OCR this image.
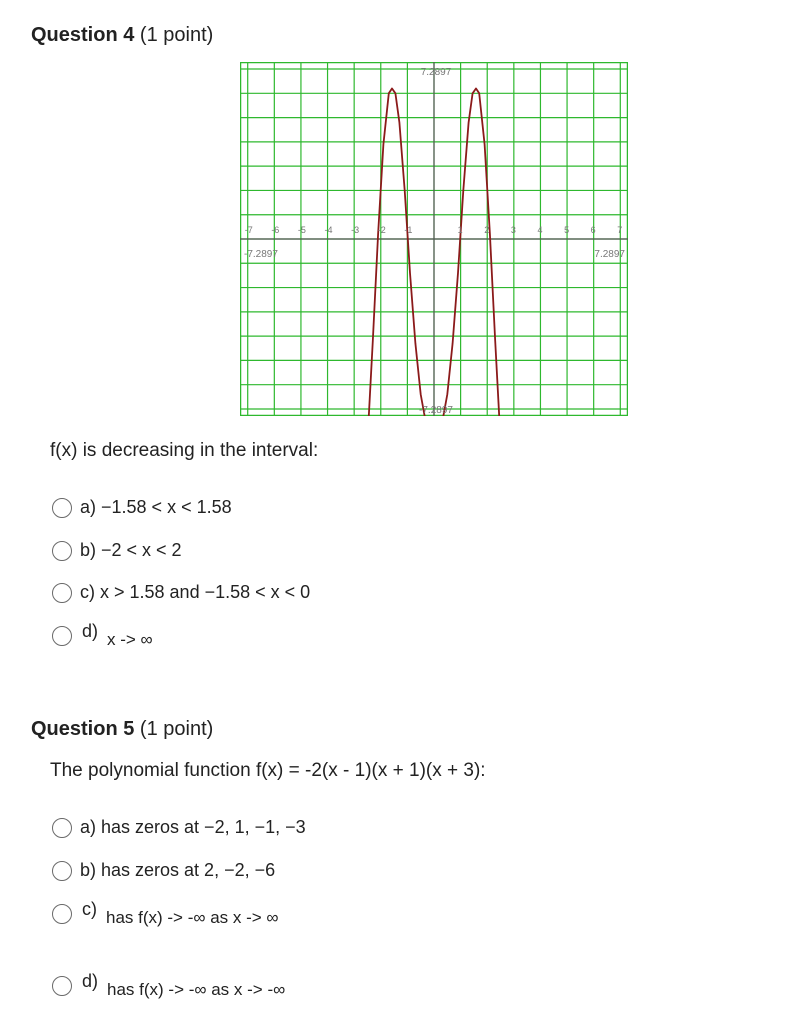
Question 4 (1 point)
-7 -6 -5 -4 -3 -2 -1	1 2 3 4 5 6 7
-7.2897	7.2897
7.2897
-7.2897
f(x) is decreasing in the interval:
a) −1.58 < x < 1.58
b) −2 < x < 2
c) x > 1.58 and −1.58 < x < 0
d) x -> ∞
Question 5 (1 point)
The polynomial function f(x) = -2(x - 1)(x + 1)(x + 3):
a) has zeros at −2, 1, −1, −3
b) has zeros at 2, −2, −6
c) has f(x) -> -∞ as x -> ∞
d) has f(x) -> -∞ as x -> -∞
